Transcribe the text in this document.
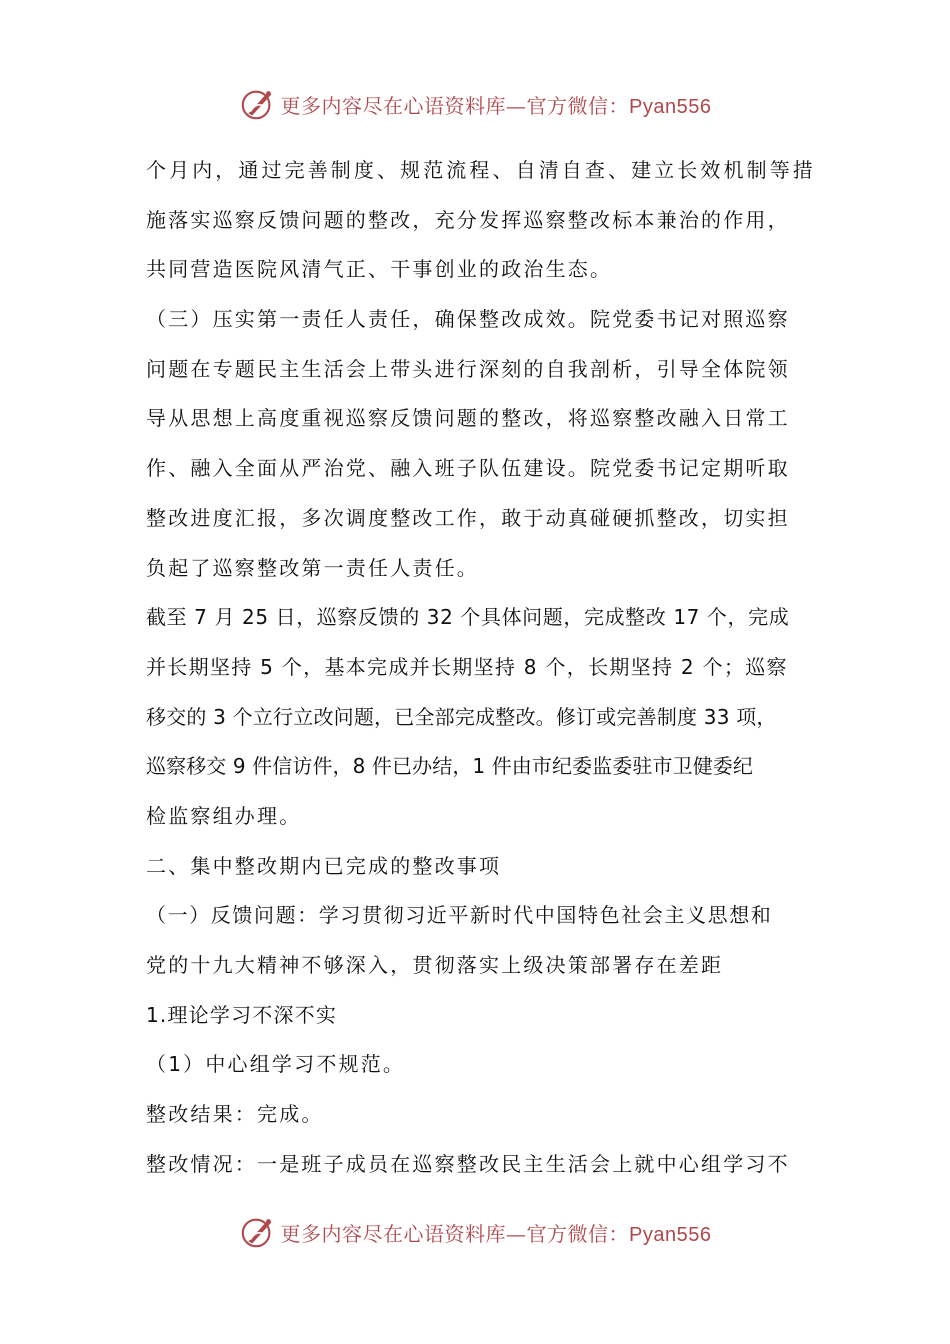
更多内容尽在心语资料库—官方微信：Pyan556

个月内，通过完善制度、规范流程、自清自查、建立长效机制等措

施落实巡察反馈问题的整改，充分发挥巡察整改标本兼治的作用，

共同营造医院风清气正、干事创业的政治生态。

（三）压实第一责任人责任，确保整改成效。院党委书记对照巡察

问题在专题民主生活会上带头进行深刻的自我剖析，引导全体院领

导从思想上高度重视巡察反馈问题的整改，将巡察整改融入日常工

作、融入全面从严治党、融入班子队伍建设。院党委书记定期听取

整改进度汇报，多次调度整改工作，敢于动真碰硬抓整改，切实担

负起了巡察整改第一责任人责任。

截至 7 月 25 日，巡察反馈的 32 个具体问题，完成整改 17 个，完成

并长期坚持 5 个，基本完成并长期坚持 8 个，长期坚持 2 个；巡察

移交的 3 个立行立改问题，已全部完成整改。修订或完善制度 33 项，

巡察移交 9 件信访件，8 件已办结，1 件由市纪委监委驻市卫健委纪

检监察组办理。

二、集中整改期内已完成的整改事项

（一）反馈问题：学习贯彻习近平新时代中国特色社会主义思想和

党的十九大精神不够深入，贯彻落实上级决策部署存在差距

1.理论学习不深不实

（1）中心组学习不规范。

整改结果：完成。

整改情况：一是班子成员在巡察整改民主生活会上就中心组学习不

更多内容尽在心语资料库—官方微信：Pyan556
